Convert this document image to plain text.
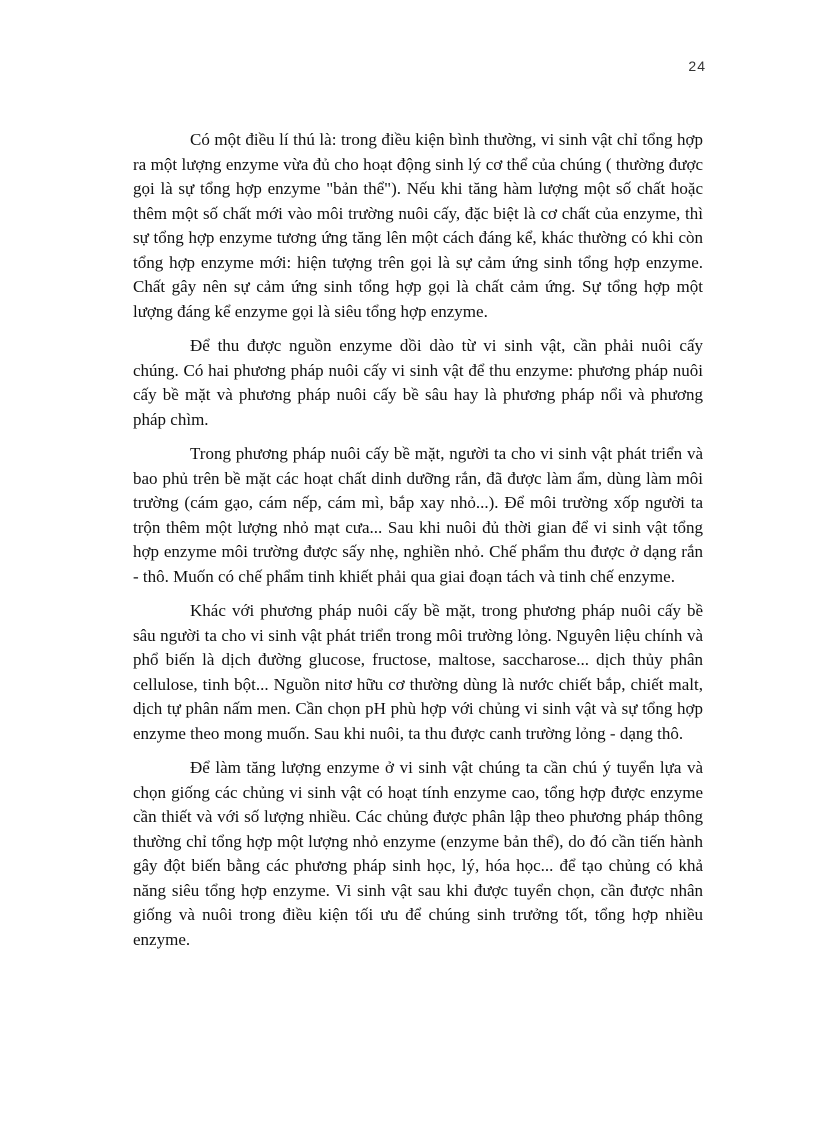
24

Có một điều lí thú là: trong điều kiện bình thường, vi sinh vật chỉ tổng hợp ra một lượng enzyme vừa đủ cho hoạt động sinh lý cơ thể của chúng ( thường được gọi là sự tổng hợp enzyme "bản thể"). Nếu khi tăng hàm lượng một số chất hoặc thêm một số chất mới vào môi trường nuôi cấy, đặc biệt là cơ chất của enzyme, thì sự tổng hợp enzyme tương ứng tăng lên một cách đáng kể, khác thường có khi còn tổng hợp enzyme mới: hiện tượng trên gọi là sự cảm ứng sinh tổng hợp enzyme. Chất gây nên sự cảm ứng sinh tổng hợp gọi là chất cảm ứng. Sự tổng hợp một lượng đáng kể enzyme gọi là siêu tổng hợp enzyme.

Để thu được nguồn enzyme dồi dào từ vi sinh vật, cần phải nuôi cấy chúng. Có hai phương pháp nuôi cấy vi sinh vật để thu enzyme: phương pháp nuôi cấy bề mặt và phương pháp nuôi cấy bề sâu hay là phương pháp nổi và phương pháp chìm.

Trong phương pháp nuôi cấy bề mặt, người ta cho vi sinh vật phát triển và bao phủ trên bề mặt các hoạt chất dinh dưỡng rắn, đã được làm ẩm, dùng làm môi trường (cám gạo, cám nếp, cám mì, bắp xay nhỏ...). Để môi trường xốp người ta trộn thêm một lượng nhỏ mạt cưa... Sau khi nuôi đủ thời gian để vi sinh vật tổng hợp enzyme môi trường được sấy nhẹ, nghiền nhỏ. Chế phẩm thu được ở dạng rắn - thô. Muốn có chế phẩm tinh khiết phải qua giai đoạn tách và tinh chế enzyme.

Khác với phương pháp nuôi cấy bề mặt, trong phương pháp nuôi cấy bề sâu người ta cho vi sinh vật phát triển trong môi trường lỏng. Nguyên liệu chính và phổ biến là dịch đường glucose, fructose, maltose, saccharose... dịch thủy phân cellulose, tinh bột... Nguồn nitơ hữu cơ thường dùng là nước chiết bắp, chiết malt, dịch tự phân nấm men. Cần chọn pH phù hợp với chủng vi sinh vật và sự tổng hợp enzyme theo mong muốn. Sau khi nuôi, ta thu được canh trường lỏng - dạng thô.

Để làm tăng lượng enzyme ở vi sinh vật chúng ta cần chú ý tuyển lựa và chọn giống các chủng vi sinh vật có hoạt tính enzyme cao, tổng hợp được enzyme cần thiết và với số lượng nhiều. Các chủng được phân lập theo phương pháp thông thường chỉ tổng hợp một lượng nhỏ enzyme (enzyme bản thể), do đó cần tiến hành gây đột biến bằng các phương pháp sinh học, lý, hóa học... để tạo chủng có khả năng siêu tổng hợp enzyme. Vi sinh vật sau khi được tuyển chọn, cần được nhân giống và nuôi trong điều kiện tối ưu để chúng sinh trưởng tốt, tổng hợp nhiều enzyme.
